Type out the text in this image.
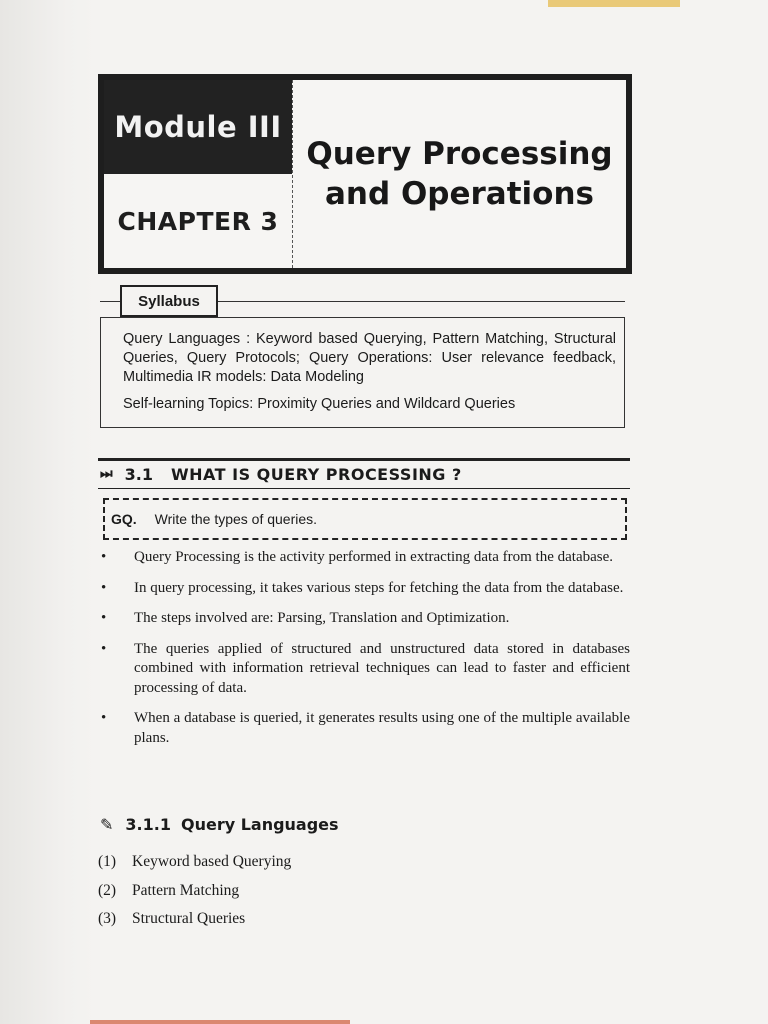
Module III
CHAPTER 3
Query Processing
and Operations
Syllabus

Query Languages : Keyword based Querying, Pattern Matching, Structural Queries, Query Protocols; Query Operations: User relevance feedback, Multimedia IR models: Data Modeling

Self-learning Topics: Proximity Queries and Wildcard Queries

⏭ 3.1 WHAT IS QUERY PROCESSING ?
GQ. Write the types of queries.
• Query Processing is the activity performed in extracting data from the database.
• In query processing, it takes various steps for fetching the data from the database.
• The steps involved are: Parsing, Translation and Optimization.
• The queries applied of structured and unstructured data stored in databases combined with information retrieval techniques can lead to faster and efficient processing of data.
• When a database is queried, it generates results using one of the multiple available plans.
✎ 3.1.1 Query Languages
(1)	Keyword based Querying
(2)	Pattern Matching
(3)	Structural Queries
